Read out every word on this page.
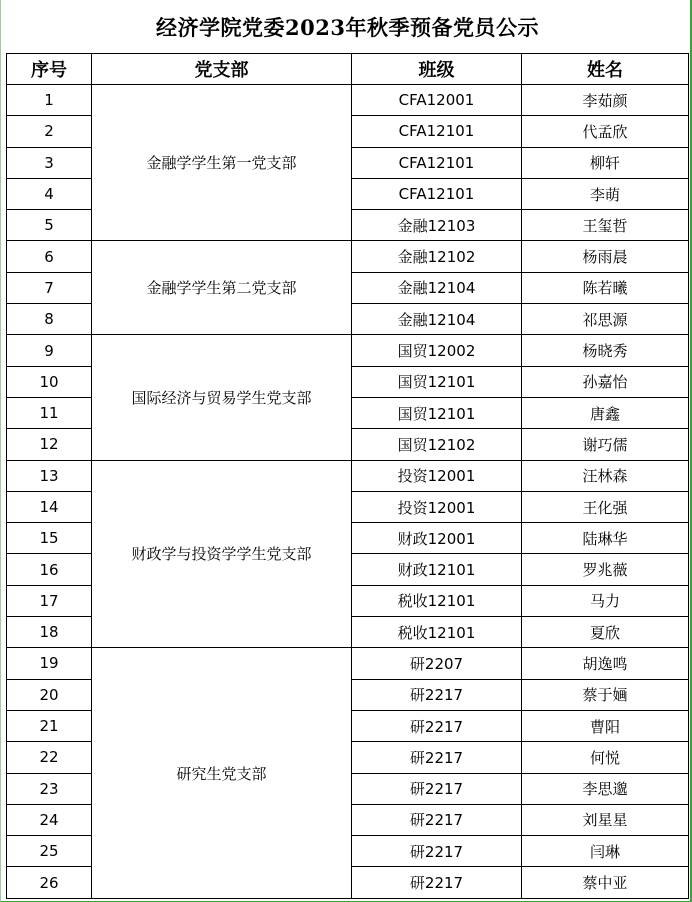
经济学院党委2023年秋季预备党员公示			
序号	党支部	班级	姓名
1	金融学学生第一党支部	CFA12001	李茹颜
2		CFA12101	代孟欣
3		CFA12101	柳轩
4		CFA12101	李萌
5		金融12103	王玺哲
6	金融学学生第二党支部	金融12102	杨雨晨
7		金融12104	陈若曦
8		金融12104	祁思源
9	国际经济与贸易学生党支部	国贸12002	杨晓秀
10		国贸12101	孙嘉怡
11		国贸12101	唐鑫
12		国贸12102	谢巧儒
13	财政学与投资学学生党支部	投资12001	汪林森
14		投资12001	王化强
15		财政12001	陆琳华
16		财政12101	罗兆薇
17		税收12101	马力
18		税收12101	夏欣
19	研究生党支部	研2207	胡逸鸣
20		研2217	蔡于婳
21		研2217	曹阳
22		研2217	何悦
23		研2217	李思邈
24		研2217	刘星星
25		研2217	闫琳
26		研2217	蔡中亚
